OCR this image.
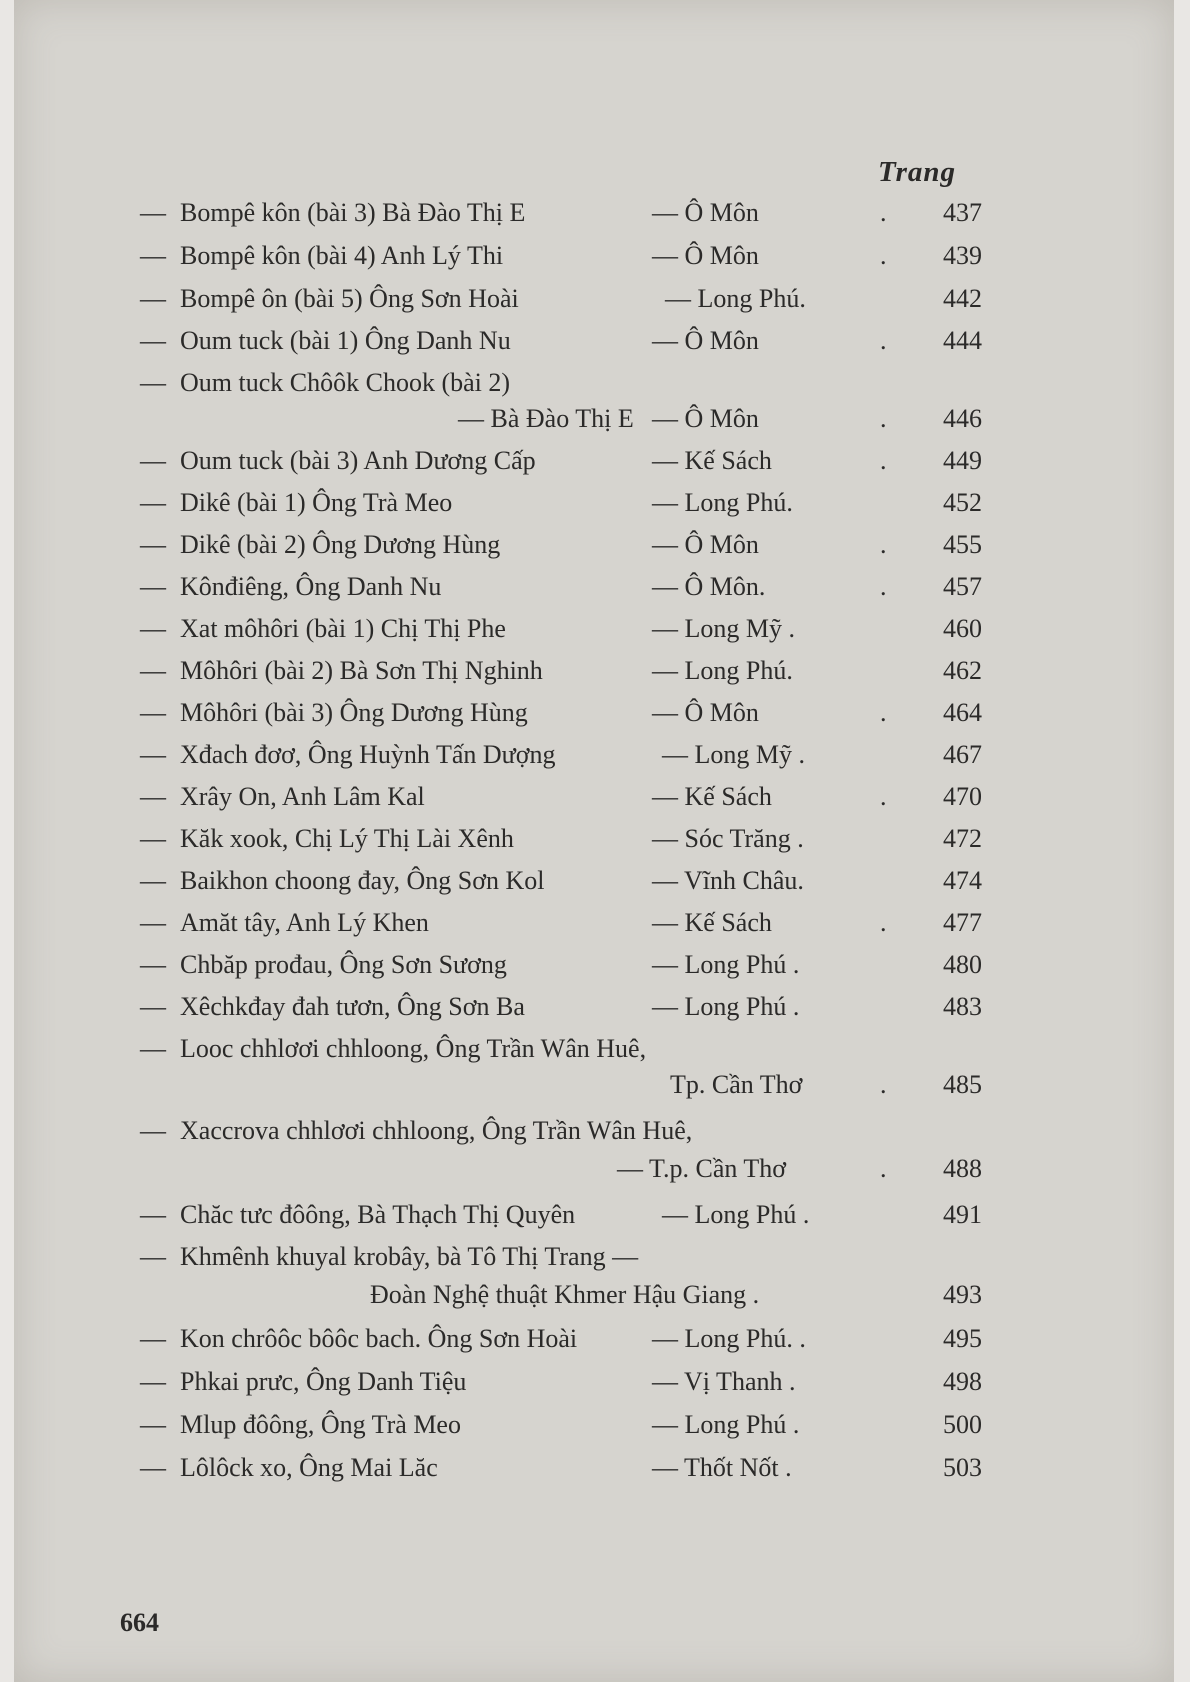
Trang
— Bompê kôn (bài 3) Bà Đào Thị E	— Ô Môn	.	437
— Bompê kôn (bài 4) Anh Lý Thi	— Ô Môn	.	439
— Bompê ôn (bài 5) Ông Sơn Hoài	— Long Phú.	442
— Oum tuck (bài 1) Ông Danh Nu	— Ô Môn	.	444
— Oum tuck Chôôk Chook (bài 2)
— Bà Đào Thị E — Ô Môn	.	446
— Oum tuck (bài 3) Anh Dương Cấp	— Kế Sách	.	449
— Dikê (bài 1) Ông Trà Meo	— Long Phú.	452
— Dikê (bài 2) Ông Dương Hùng	— Ô Môn	.	455
— Kônđiêng, Ông Danh Nu	— Ô Môn.	.	457
— Xat môhôri (bài 1) Chị Thị Phe	— Long Mỹ .	460
— Môhôri (bài 2) Bà Sơn Thị Nghinh	— Long Phú.	462
— Môhôri (bài 3) Ông Dương Hùng	— Ô Môn	.	464
— Xđach đơơ, Ông Huỳnh Tấn Dượng	— Long Mỹ .	467
— Xrây On, Anh Lâm Kal	— Kế Sách	.	470
— Kăk xook, Chị Lý Thị Lài Xênh	— Sóc Trăng .	472
— Baikhon choong đay, Ông Sơn Kol	— Vĩnh Châu.	474
— Amăt tây, Anh Lý Khen	— Kế Sách	.	477
— Chbăp prođau, Ông Sơn Sương	— Long Phú .	480
— Xêchkđay đah tươn, Ông Sơn Ba	— Long Phú .	483
— Looc chhlơơi chhloong, Ông Trần Wân Huê,
Tp. Cần Thơ	.	485
— Xaccrova chhlơơi chhloong, Ông Trần Wân Huê,
— T.p. Cần Thơ	.	488
— Chăc tưc đôông, Bà Thạch Thị Quyên	— Long Phú .	491
— Khmênh khuyal krobây, bà Tô Thị Trang —
Đoàn Nghệ thuật Khmer Hậu Giang .	493
— Kon chrôôc bôôc bach. Ông Sơn Hoài	— Long Phú. .	495
— Phkai prưc, Ông Danh Tiệu	— Vị Thanh .	498
— Mlup đôông, Ông Trà Meo	— Long Phú .	500
— Lôlôck xo, Ông Mai Lăc	— Thốt Nốt .	503
664
